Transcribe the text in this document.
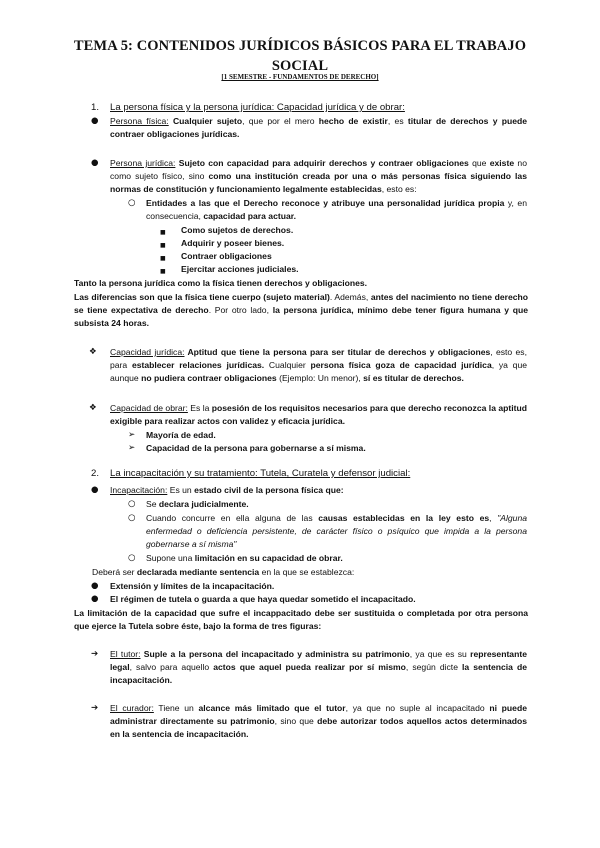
TEMA 5: CONTENIDOS JURÍDICOS BÁSICOS PARA EL TRABAJO SOCIAL
[1 SEMESTRE - FUNDAMENTOS DE DERECHO]
1. La persona física y la persona jurídica: Capacidad jurídica y de obrar:
● Persona física: Cualquier sujeto, que por el mero hecho de existir, es titular de derechos y puede contraer obligaciones jurídicas.
● Persona jurídica: Sujeto con capacidad para adquirir derechos y contraer obligaciones que existe no como sujeto físico, sino como una institución creada por una o más personas física siguiendo las normas de constitución y funcionamiento legalmente establecidas, esto es:
○ Entidades a las que el Derecho reconoce y atribuye una personalidad jurídica propia y, en consecuencia, capacidad para actuar.
■ Como sujetos de derechos.
■ Adquirir y poseer bienes.
■ Contraer obligaciones
■ Ejercitar acciones judiciales.
Tanto la persona jurídica como la física tienen derechos y obligaciones.
Las diferencias son que la física tiene cuerpo (sujeto material). Además, antes del nacimiento no tiene derecho se tiene expectativa de derecho. Por otro lado, la persona jurídica, mínimo debe tener figura humana y que subsista 24 horas.
❖ Capacidad jurídica: Aptitud que tiene la persona para ser titular de derechos y obligaciones, esto es, para establecer relaciones jurídicas. Cualquier persona física goza de capacidad jurídica, ya que aunque no pudiera contraer obligaciones (Ejemplo: Un menor), sí es titular de derechos.
❖ Capacidad de obrar: Es la posesión de los requisitos necesarios para que derecho reconozca la aptitud exigible para realizar actos con validez y eficacia jurídica.
➢ Mayoría de edad.
➢ Capacidad de la persona para gobernarse a sí misma.
2. La incapacitación y su tratamiento: Tutela, Curatela y defensor judicial:
● Incapacitación: Es un estado civil de la persona física que:
○ Se declara judicialmente.
○ Cuando concurre en ella alguna de las causas establecidas en la ley esto es, "Alguna enfermedad o deficiencia persistente, de carácter físico o psíquico que impida a la persona gobernarse a sí misma"
○ Supone una limitación en su capacidad de obrar.
Deberá ser declarada mediante sentencia en la que se establezca:
● Extensión y límites de la incapacitación.
● El régimen de tutela o guarda a que haya quedar sometido el incapacitado.
La limitación de la capacidad que sufre el incappacitado debe ser sustituida o completada por otra persona que ejerce la Tutela sobre éste, bajo la forma de tres figuras:
➔ El tutor: Suple a la persona del incapacitado y administra su patrimonio, ya que es su representante legal, salvo para aquello actos que aquel pueda realizar por sí mismo, según dicte la sentencia de incapacitación.
➔ El curador: Tiene un alcance más limitado que el tutor, ya que no suple al incapacitado ni puede administrar directamente su patrimonio, sino que debe autorizar todos aquellos actos determinados en la sentencia de incapacitación.
